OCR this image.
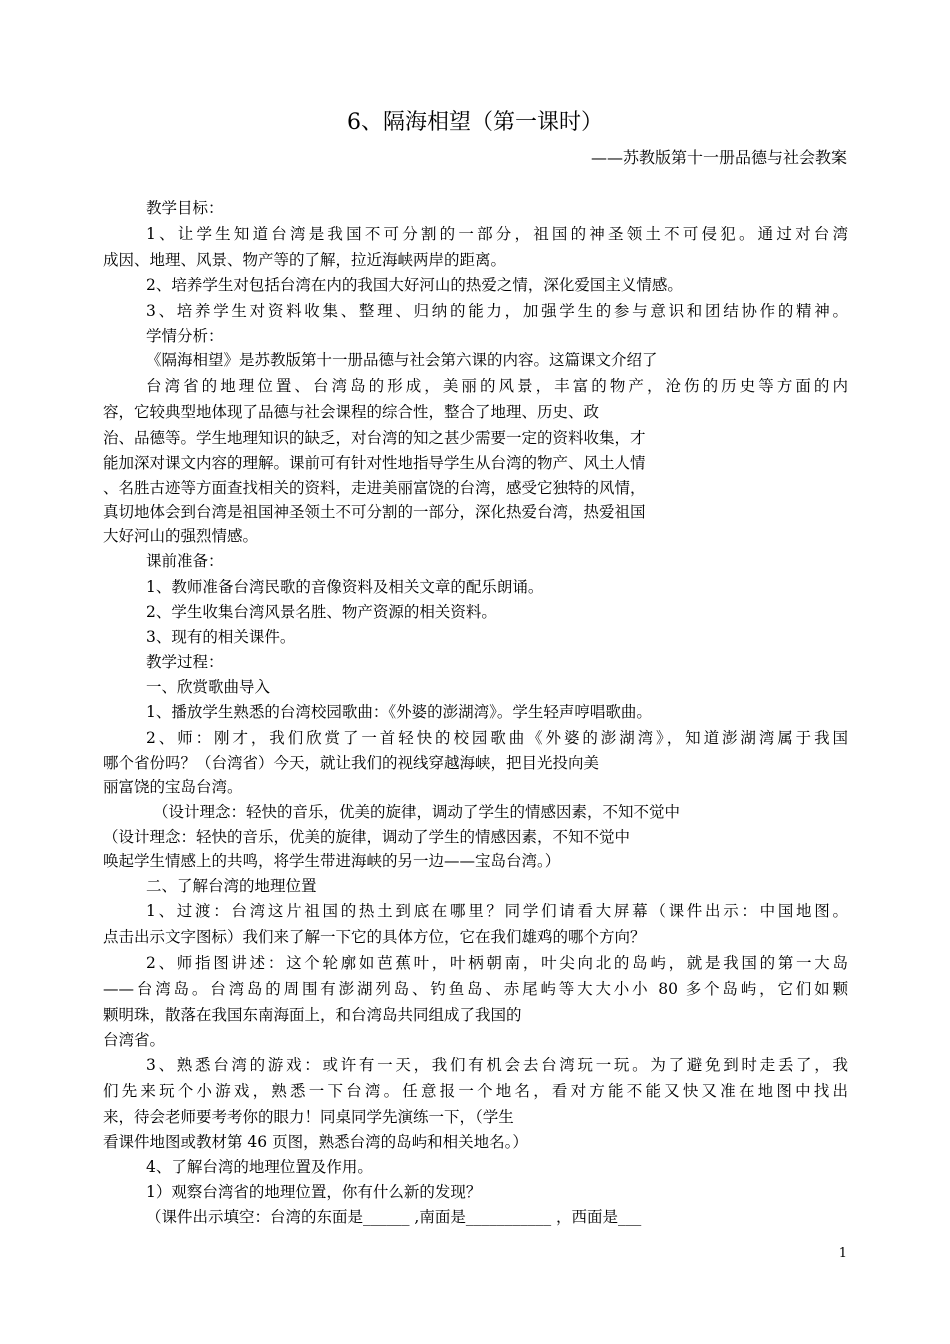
6、隔海相望（第一课时）
——苏教版第十一册品德与社会教案
教学目标：
1、让学生知道台湾是我国不可分割的一部分，祖国的神圣领土不可侵犯。通过对台湾
成因、地理、风景、物产等的了解，拉近海峡两岸的距离。
2、培养学生对包括台湾在内的我国大好河山的热爱之情，深化爱国主义情感。
3、培养学生对资料收集、整理、归纳的能力，加强学生的参与意识和团结协作的精神。
学情分析：
《隔海相望》是苏教版第十一册品德与社会第六课的内容。这篇课文介绍了
台湾省的地理位置、台湾岛的形成，美丽的风景，丰富的物产，沧伤的历史等方面的内
容，它较典型地体现了品德与社会课程的综合性，整合了地理、历史、政
治、品德等。学生地理知识的缺乏，对台湾的知之甚少需要一定的资料收集，才
能加深对课文内容的理解。课前可有针对性地指导学生从台湾的物产、风土人情
、名胜古迹等方面查找相关的资料，走进美丽富饶的台湾，感受它独特的风情，
真切地体会到台湾是祖国神圣领土不可分割的一部分，深化热爱台湾，热爱祖国
大好河山的强烈情感。
课前准备：
1、教师准备台湾民歌的音像资料及相关文章的配乐朗诵。
2、学生收集台湾风景名胜、物产资源的相关资料。
3、现有的相关课件。
教学过程：
一、欣赏歌曲导入
1、播放学生熟悉的台湾校园歌曲：《外婆的澎湖湾》。学生轻声哼唱歌曲。
2、师：刚才，我们欣赏了一首轻快的校园歌曲《外婆的澎湖湾》，知道澎湖湾属于我国
哪个省份吗？（台湾省）今天，就让我们的视线穿越海峡，把目光投向美
丽富饶的宝岛台湾。
（设计理念：轻快的音乐，优美的旋律，调动了学生的情感因素，不知不觉中
（设计理念：轻快的音乐，优美的旋律，调动了学生的情感因素，不知不觉中
唤起学生情感上的共鸣，将学生带进海峡的另一边——宝岛台湾。）
二、了解台湾的地理位置
1、过渡：台湾这片祖国的热土到底在哪里？同学们请看大屏幕（课件出示：中国地图。
点击出示文字图标）我们来了解一下它的具体方位，它在我们雄鸡的哪个方向？
2、师指图讲述：这个轮廓如芭蕉叶，叶柄朝南，叶尖向北的岛屿，就是我国的第一大岛
——台湾岛。台湾岛的周围有澎湖列岛、钓鱼岛、赤尾屿等大大小小 80 多个岛屿，它们如颗
颗明珠，散落在我国东南海面上，和台湾岛共同组成了我国的
台湾省。
3、熟悉台湾的游戏：或许有一天，我们有机会去台湾玩一玩。为了避免到时走丢了，我
们先来玩个小游戏，熟悉一下台湾。任意报一个地名，看对方能不能又快又准在地图中找出
来，待会老师要考考你的眼力！同桌同学先演练一下，（学生
看课件地图或教材第 46 页图，熟悉台湾的岛屿和相关地名。）
4、了解台湾的地理位置及作用。
1）观察台湾省的地理位置，你有什么新的发现？
（课件出示填空：台湾的东面是______ ,南面是___________ ，西面是___
1
